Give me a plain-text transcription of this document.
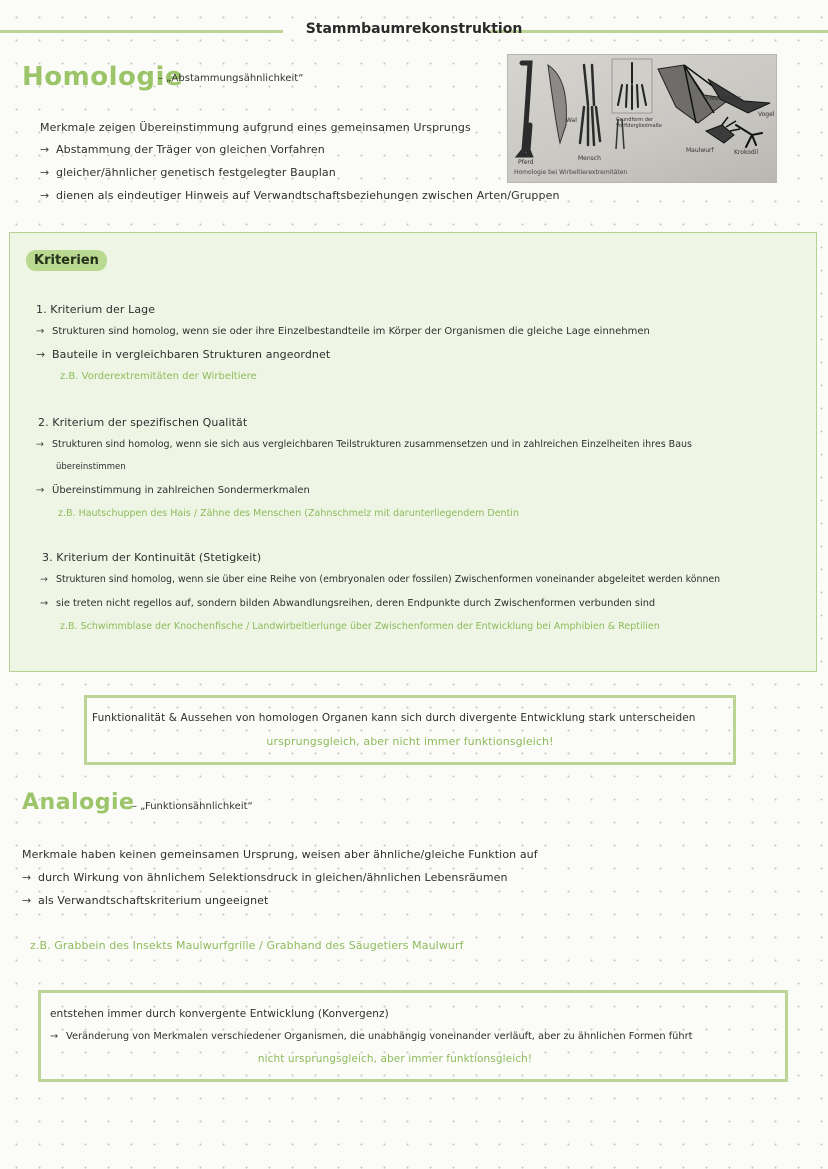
Stammbaumrekonstruktion
Homologie
– „Abstammungsähnlichkeit“
Merkmale zeigen Übereinstimmung aufgrund eines gemeinsamen Ursprungs
→ Abstammung der Träger von gleichen Vorfahren
→ gleicher/ähnlicher genetisch festgelegter Bauplan
→ dienen als eindeutiger Hinweis auf Verwandtschaftsbeziehungen zwischen Arten/Gruppen
Wal	Grundform der Vorfldergliedmaße
Fledermaus
Vogel
Pferd
Mensch
Maulwurf	Krokodil
Homologie bei Wirbeltierextremitäten
Kriterien
1. Kriterium der Lage
→ Strukturen sind homolog, wenn sie oder ihre Einzelbestandteile im Körper der Organismen die gleiche Lage einnehmen
→ Bauteile in vergleichbaren Strukturen angeordnet
z.B. Vorderextremitäten der Wirbeltiere
2. Kriterium der spezifischen Qualität
→ Strukturen sind homolog, wenn sie sich aus vergleichbaren Teilstrukturen zusammensetzen und in zahlreichen Einzelheiten ihres Baus
übereinstimmen
→ Übereinstimmung in zahlreichen Sondermerkmalen
z.B. Hautschuppen des Hais / Zähne des Menschen (Zahnschmelz mit darunterliegendem Dentin
3. Kriterium der Kontinuität (Stetigkeit)
→ Strukturen sind homolog, wenn sie über eine Reihe von (embryonalen oder fossilen) Zwischenformen voneinander abgeleitet werden können
→ sie treten nicht regellos auf, sondern bilden Abwandlungsreihen, deren Endpunkte durch Zwischenformen verbunden sind
z.B. Schwimmblase der Knochenfische / Landwirbeltierlunge über Zwischenformen der Entwicklung bei Amphibien & Reptilien
Funktionalität & Aussehen von homologen Organen kann sich durch divergente Entwicklung stark unterscheiden
ursprungsgleich, aber nicht immer funktionsgleich!
Analogie
– „Funktionsähnlichkeit“
Merkmale haben keinen gemeinsamen Ursprung, weisen aber ähnliche/gleiche Funktion auf
→ durch Wirkung von ähnlichem Selektionsdruck in gleichen/ähnlichen Lebensräumen
→ als Verwandtschaftskriterium ungeeignet
z.B. Grabbein des Insekts Maulwurfgrille / Grabhand des Säugetiers Maulwurf
entstehen immer durch konvergente Entwicklung (Konvergenz)
→ Veränderung von Merkmalen verschiedener Organismen, die unabhängig voneinander verläuft, aber zu ähnlichen Formen führt
nicht ursprungsgleich, aber immer funktionsgleich!
